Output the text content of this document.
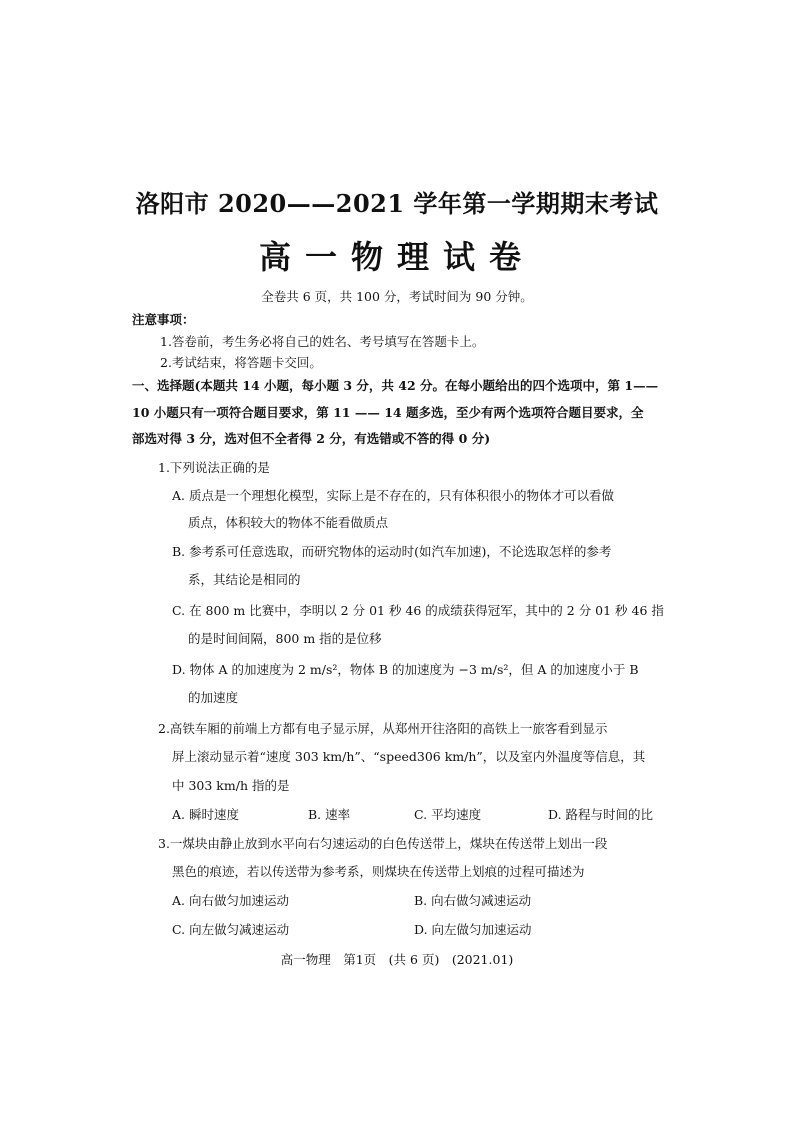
洛阳市 2020——2021 学年第一学期期末考试
高一物理试卷
全卷共 6 页，共 100 分，考试时间为 90 分钟。
注意事项：
1.答卷前，考生务必将自己的姓名、考号填写在答题卡上。
2.考试结束，将答题卡交回。
一、选择题(本题共 14 小题，每小题 3 分，共 42 分。在每小题给出的四个选项中，第 1——
10 小题只有一项符合题目要求，第 11 —— 14 题多选，至少有两个选项符合题目要求，全
部选对得 3 分，选对但不全者得 2 分，有选错或不答的得 0 分)
1.下列说法正确的是
A. 质点是一个理想化模型，实际上是不存在的，只有体积很小的物体才可以看做
质点，体积较大的物体不能看做质点
B. 参考系可任意选取，而研究物体的运动时(如汽车加速)，不论选取怎样的参考
系，其结论是相同的
C. 在 800 m 比赛中，李明以 2 分 01 秒 46 的成绩获得冠军，其中的 2 分 01 秒 46 指
的是时间间隔，800 m 指的是位移
D. 物体 A 的加速度为 2 m/s²，物体 B 的加速度为 −3 m/s²，但 A 的加速度小于 B
的加速度
2.高铁车厢的前端上方都有电子显示屏，从郑州开往洛阳的高铁上一旅客看到显示
屏上滚动显示着“速度 303 km/h”、“speed306 km/h”，以及室内外温度等信息，其
中 303 km/h 指的是
A. 瞬时速度	B. 速率	C. 平均速度	D. 路程与时间的比
3.一煤块由静止放到水平向右匀速运动的白色传送带上，煤块在传送带上划出一段
黑色的痕迹，若以传送带为参考系，则煤块在传送带上划痕的过程可描述为
A. 向右做匀加速运动	B. 向右做匀减速运动
C. 向左做匀减速运动	D. 向左做匀加速运动
高一物理　第1页　(共 6 页)　(2021.01)
